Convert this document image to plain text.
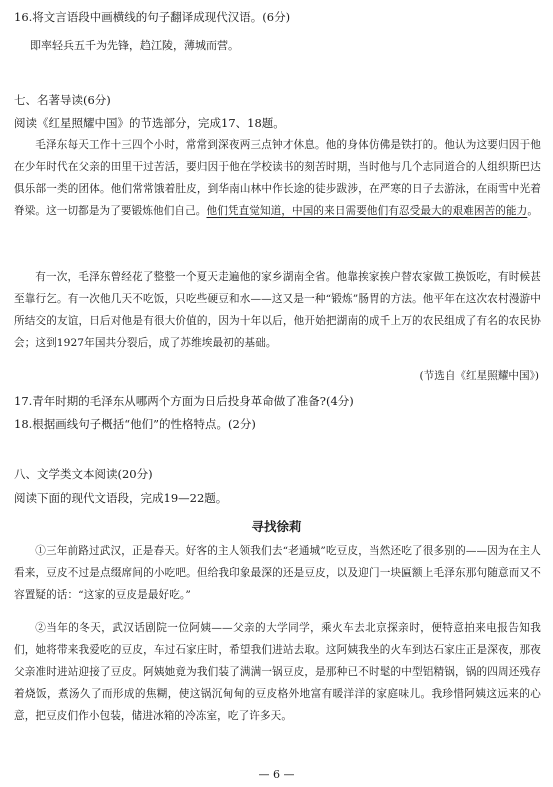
16.将文言语段中画横线的句子翻译成现代汉语。(6分)
即率轻兵五千为先锋，趋江陵，薄城而营。
七、名著导读(6分)
阅读《红星照耀中国》的节选部分，完成17、18题。

毛泽东每天工作十三四个小时，常常到深夜两三点钟才休息。他的身体仿佛是铁打的。他认为这要归因于他在少年时代在父亲的田里干过苦活，要归因于他在学校读书的刻苦时期，当时他与几个志同道合的人组织斯巴达俱乐部一类的团体。他们常常饿着肚皮，到华南山林中作长途的徒步跋涉，在严寒的日子去游泳，在雨雪中光着脊梁。这一切都是为了要锻炼他们自己。他们凭直觉知道，中国的来日需要他们有忍受最大的艰难困苦的能力。

有一次，毛泽东曾经花了整整一个夏天走遍他的家乡湖南全省。他靠挨家挨户替农家做工换饭吃，有时候甚至靠行乞。有一次他几天不吃饭，只吃些硬豆和水——这又是一种“锻炼”肠胃的方法。他平年在这次农村漫游中所结交的友谊，日后对他是有很大价值的，因为十年以后，他开始把湖南的成千上万的农民组成了有名的农民协会；这到1927年国共分裂后，成了苏维埃最初的基础。

(节选自《红星照耀中国》)
17.青年时期的毛泽东从哪两个方面为日后投身革命做了准备?(4分)
18.根据画线句子概括“他们”的性格特点。(2分)
八、文学类文本阅读(20分)
阅读下面的现代文语段，完成19—22题。
寻找徐莉

①三年前路过武汉，正是春天。好客的主人领我们去“老通城”吃豆皮，当然还吃了很多别的——因为在主人看来，豆皮不过是点缀席间的小吃吧。但给我印象最深的还是豆皮，以及迎门一块匾额上毛泽东那句随意而又不容置疑的话：“这家的豆皮是最好吃。”

②当年的冬天，武汉话剧院一位阿姨——父亲的大学同学，乘火车去北京探亲时，便特意拍来电报告知我们，她将带来我爱吃的豆皮，车过石家庄时，希望我们进站去取。这阿姨我坐的火车到达石家庄正是深夜，那夜父亲准时进站迎接了豆皮。阿姨她竟为我们装了满满一锅豆皮，是那种已不时髦的中型铝精锅，锅的四周还残存着烧饭，煮汤久了而形成的焦糊，使这锅沉甸甸的豆皮格外地富有暖洋洋的家庭味儿。我珍惜阿姨这远来的心意，把豆皮们作小包装，储进冰箱的冷冻室，吃了许多天。

— 6 —
